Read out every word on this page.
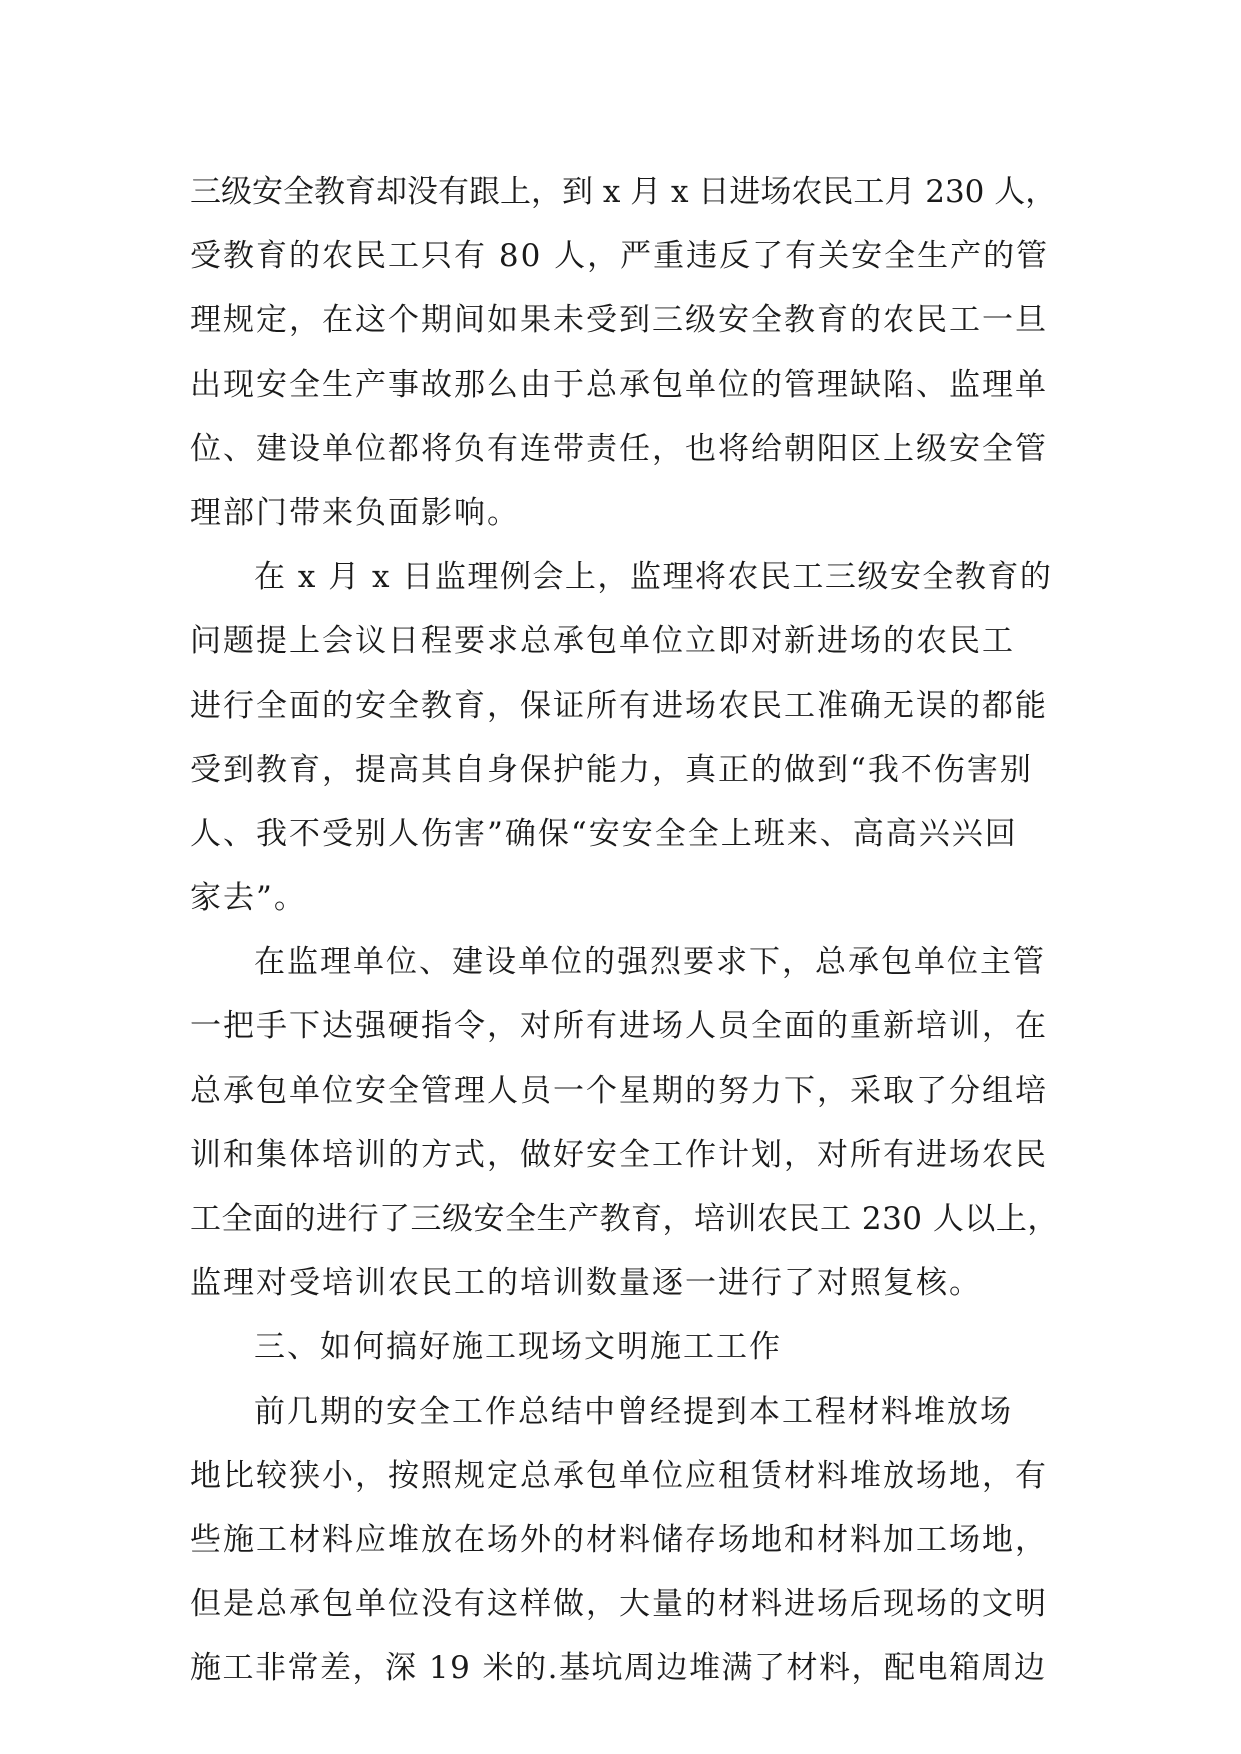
三级安全教育却没有跟上，到 x 月 x 日进场农民工月 230 人，
受教育的农民工只有 80 人，严重违反了有关安全生产的管
理规定，在这个期间如果未受到三级安全教育的农民工一旦
出现安全生产事故那么由于总承包单位的管理缺陷、监理单
位、建设单位都将负有连带责任，也将给朝阳区上级安全管
理部门带来负面影响。
在 x 月 x 日监理例会上，监理将农民工三级安全教育的
问题提上会议日程要求总承包单位立即对新进场的农民工
进行全面的安全教育，保证所有进场农民工准确无误的都能
受到教育，提高其自身保护能力，真正的做到“我不伤害别
人、我不受别人伤害”确保“安安全全上班来、高高兴兴回
家去”。
在监理单位、建设单位的强烈要求下，总承包单位主管
一把手下达强硬指令，对所有进场人员全面的重新培训，在
总承包单位安全管理人员一个星期的努力下，采取了分组培
训和集体培训的方式，做好安全工作计划，对所有进场农民
工全面的进行了三级安全生产教育，培训农民工 230 人以上，
监理对受培训农民工的培训数量逐一进行了对照复核。
三、如何搞好施工现场文明施工工作
前几期的安全工作总结中曾经提到本工程材料堆放场
地比较狭小，按照规定总承包单位应租赁材料堆放场地，有
些施工材料应堆放在场外的材料储存场地和材料加工场地，
但是总承包单位没有这样做，大量的材料进场后现场的文明
施工非常差，深 19 米的.基坑周边堆满了材料，配电箱周边
